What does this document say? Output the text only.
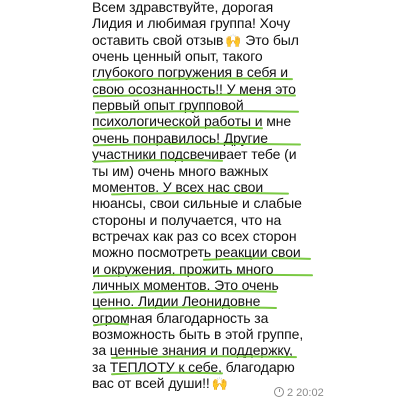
Всем здравствуйте, дорогая
Лидия и любимая группа! Хочу
оставить свой отзыв 🙌 Это был
очень ценный опыт, такого
глубокого погружения в себя и
свою осознанность!! У меня это
первый опыт групповой
психологической работы и мне
очень понравилось! Другие
участники подсвечивает тебе (и
ты им) очень много важных
моментов. У всех нас свои
нюансы, свои сильные и слабые
стороны и получается, что на
встречах как раз со всех сторон
можно посмотреть реакции свои
и окружения, прожить много
личных моментов. Это очень
ценно. Лидии Леонидовне
огромная благодарность за
возможность быть в этой группе,
за ценные знания и поддержку,
за ТЕПЛОТУ к себе, благодарю
вас от всей души!! 🙌
2 20:02
